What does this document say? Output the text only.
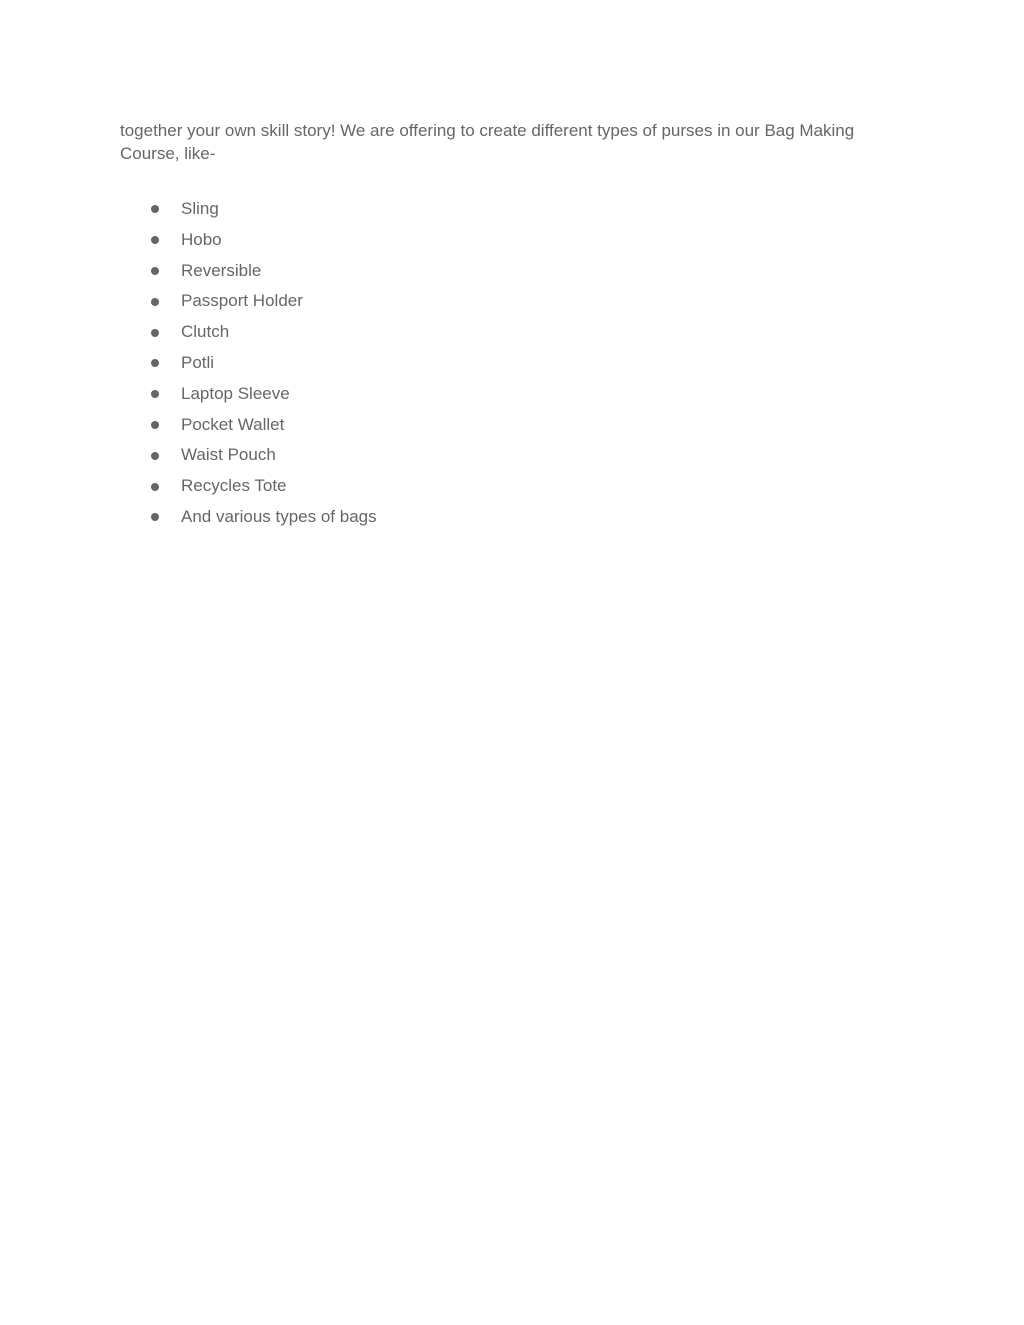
together your own skill story! We are offering to create different types of purses in our Bag Making Course, like-

Sling
Hobo
Reversible
Passport Holder
Clutch
Potli
Laptop Sleeve
Pocket Wallet
Waist Pouch
Recycles Tote
And various types of bags
